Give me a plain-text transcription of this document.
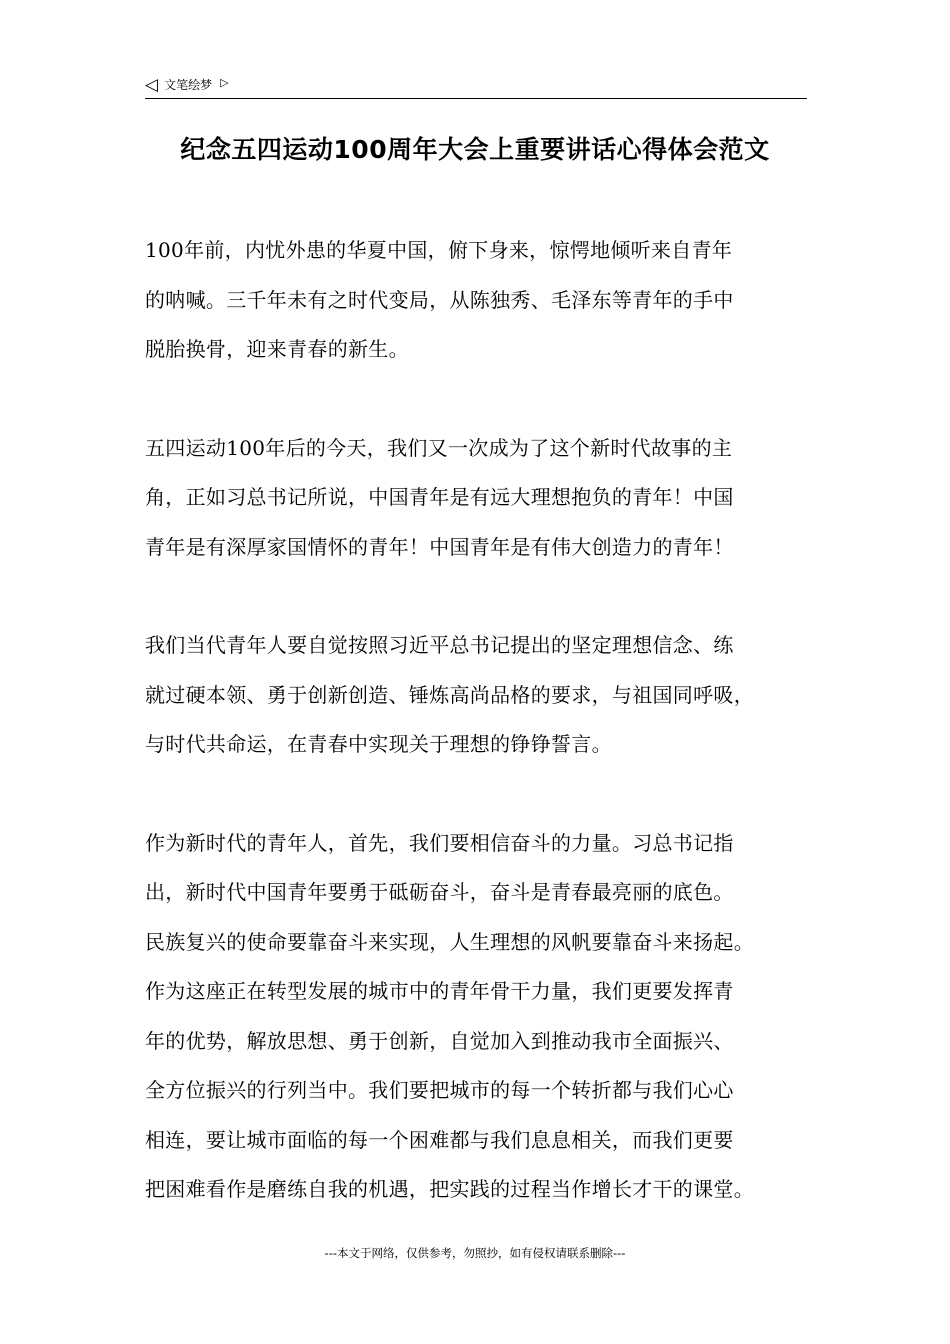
◁ 文笔绘梦 ▷
纪念五四运动100周年大会上重要讲话心得体会范文
100年前，内忧外患的华夏中国，俯下身来，惊愕地倾听来自青年
的呐喊。三千年未有之时代变局，从陈独秀、毛泽东等青年的手中
脱胎换骨，迎来青春的新生。
五四运动100年后的今天，我们又一次成为了这个新时代故事的主
角，正如习总书记所说，中国青年是有远大理想抱负的青年！中国
青年是有深厚家国情怀的青年！中国青年是有伟大创造力的青年！
我们当代青年人要自觉按照习近平总书记提出的坚定理想信念、练
就过硬本领、勇于创新创造、锤炼高尚品格的要求，与祖国同呼吸，
与时代共命运，在青春中实现关于理想的铮铮誓言。
作为新时代的青年人，首先，我们要相信奋斗的力量。习总书记指
出，新时代中国青年要勇于砥砺奋斗，奋斗是青春最亮丽的底色。
民族复兴的使命要靠奋斗来实现，人生理想的风帆要靠奋斗来扬起。
作为这座正在转型发展的城市中的青年骨干力量，我们更要发挥青
年的优势，解放思想、勇于创新，自觉加入到推动我市全面振兴、
全方位振兴的行列当中。我们要把城市的每一个转折都与我们心心
相连，要让城市面临的每一个困难都与我们息息相关，而我们更要
把困难看作是磨练自我的机遇，把实践的过程当作增长才干的课堂。
---本文于网络，仅供参考，勿照抄，如有侵权请联系删除---
